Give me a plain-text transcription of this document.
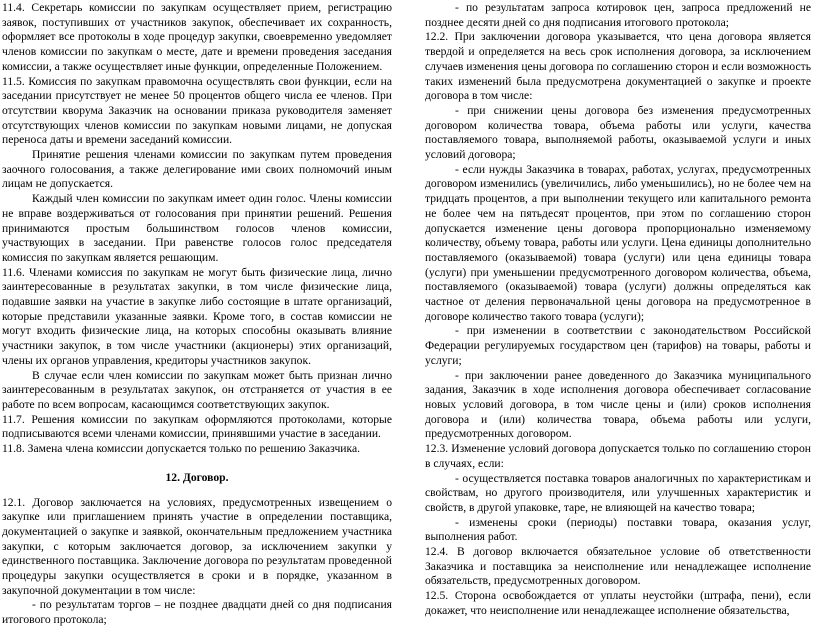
11.4. Секретарь комиссии по закупкам осуществляет прием, регистрацию заявок, поступивших от участников закупок, обеспечивает их сохранность, оформляет все протоколы в ходе процедур закупки, своевременно уведомляет членов комиссии по закупкам о месте, дате и времени проведения заседания комиссии, а также осуществляет иные функции, определенные Положением.

11.5. Комиссия по закупкам правомочна осуществлять свои функции, если на заседании присутствует не менее 50 процентов общего числа ее членов. При отсутствии кворума Заказчик на основании приказа руководителя заменяет отсутствующих членов комиссии по закупкам новыми лицами, не допуская переноса даты и времени заседаний комиссии.

Принятие решения членами комиссии по закупкам путем проведения заочного голосования, а также делегирование ими своих полномочий иным лицам не допускается.

Каждый член комиссии по закупкам имеет один голос. Члены комиссии не вправе воздерживаться от голосования при принятии решений. Решения принимаются простым большинством голосов членов комиссии, участвующих в заседании. При равенстве голосов голос председателя комиссия по закупкам является решающим.

11.6. Членами комиссия по закупкам не могут быть физические лица, лично заинтересованные в результатах закупки, в том числе физические лица, подавшие заявки на участие в закупке либо состоящие в штате организаций, которые представили указанные заявки. Кроме того, в состав комиссии не могут входить физические лица, на которых способны оказывать влияние участники закупок, в том числе участники (акционеры) этих организаций, члены их органов управления, кредиторы участников закупок.

В случае если член комиссии по закупкам может быть признан лично заинтересованным в результатах закупок, он отстраняется от участия в ее работе по всем вопросам, касающимся соответствующих закупок.

11.7. Решения комиссии по закупкам оформляются протоколами, которые подписываются всеми членами комиссии, принявшими участие в заседании.

11.8. Замена члена комиссии допускается только по решению Заказчика.

12. Договор.

12.1. Договор заключается на условиях, предусмотренных извещением о закупке или приглашением принять участие в определении поставщика, документацией о закупке и заявкой, окончательным предложением участника закупки, с которым заключается договор, за исключением закупки у единственного поставщика. Заключение договора по результатам проведенной процедуры закупки осуществляется в сроки и в порядке, указанном в закупочной документации в том числе:

- по результатам торгов – не позднее двадцати дней со дня подписания итогового протокола;

- по результатам запроса котировок цен, запроса предложений не позднее десяти дней со дня подписания итогового протокола;

12.2. При заключении договора указывается, что цена договора является твердой и определяется на весь срок исполнения договора, за исключением случаев изменения цены договора по соглашению сторон и если возможность таких изменений была предусмотрена документацией о закупке и проекте договора в том числе:

- при снижении цены договора без изменения предусмотренных договором количества товара, объема работы или услуги, качества поставляемого товара, выполняемой работы, оказываемой услуги и иных условий договора;

- если нужды Заказчика в товарах, работах, услугах, предусмотренных договором изменились (увеличились, либо уменьшились), но не более чем на тридцать процентов, а при выполнении текущего или капитального ремонта не более чем на пятьдесят процентов, при этом по соглашению сторон допускается изменение цены договора пропорционально изменяемому количеству, объему товара, работы или услуги. Цена единицы дополнительно поставляемого (оказываемой) товара (услуги) или цена единицы товара (услуги) при уменьшении предусмотренного договором количества, объема, поставляемого (оказываемой) товара (услуги) должны определяться как частное от деления первоначальной цены договора на предусмотренное в договоре количество такого товара (услуги);

- при изменении в соответствии с законодательством Российской Федерации регулируемых государством цен (тарифов) на товары, работы и услуги;

- при заключении ранее доведенного до Заказчика муниципального задания, Заказчик в ходе исполнения договора обеспечивает согласование новых условий договора, в том числе цены и (или) сроков исполнения договора и (или) количества товара, объема работы или услуги, предусмотренных договором.

12.3. Изменение условий договора допускается только по соглашению сторон в случаях, если:

- осуществляется поставка товаров аналогичных по характеристикам и свойствам, но другого производителя, или улучшенных характеристик и свойств, в другой упаковке, таре, не влияющей на качество товара;

- изменены сроки (периоды) поставки товара, оказания услуг, выполнения работ.

12.4. В договор включается обязательное условие об ответственности Заказчика и поставщика за неисполнение или ненадлежащее исполнение обязательств, предусмотренных договором.

12.5. Сторона освобождается от уплаты неустойки (штрафа, пени), если докажет, что неисполнение или ненадлежащее исполнение обязательства,
